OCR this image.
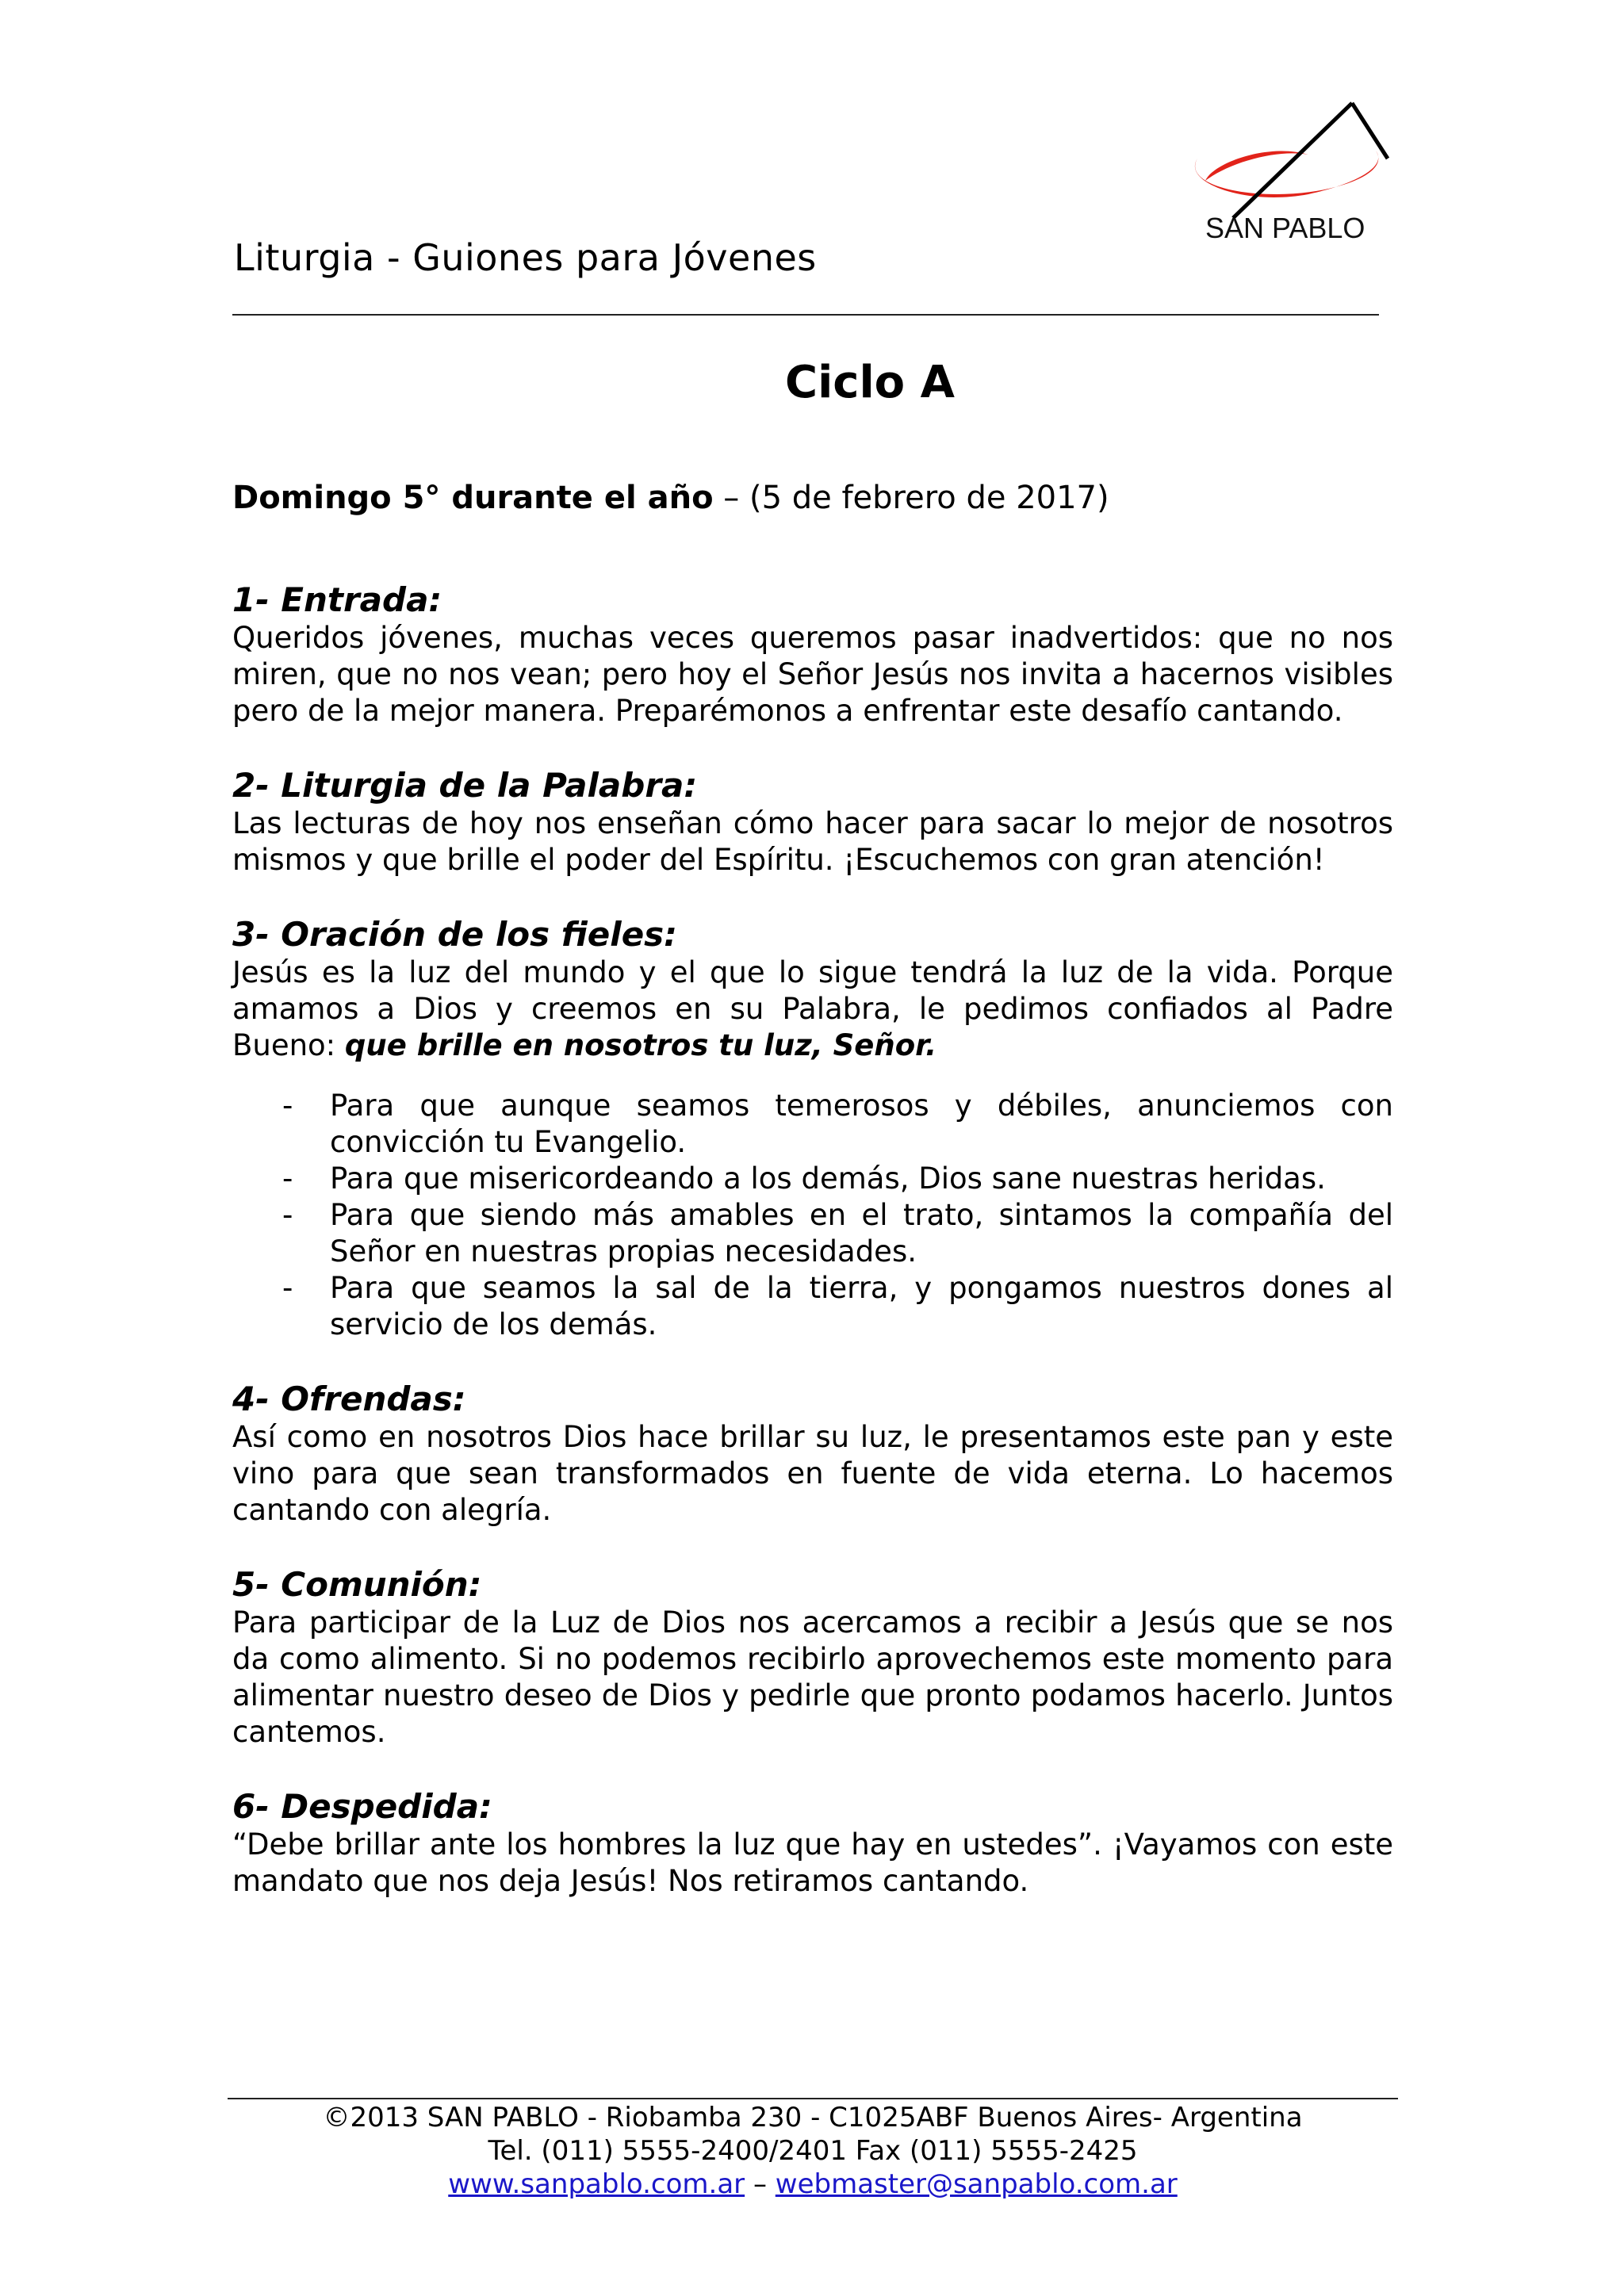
SAN PABLO
Liturgia - Guiones para Jóvenes
Ciclo A

Domingo 5° durante el año – (5 de febrero de 2017)

1- Entrada:

Queridos jóvenes, muchas veces queremos pasar inadvertidos: que no nos miren, que no nos vean; pero hoy el Señor Jesús nos invita a hacernos visibles pero de la mejor manera. Preparémonos a enfrentar este desafío cantando.

2- Liturgia de la Palabra:

Las lecturas de hoy nos enseñan cómo hacer para sacar lo mejor de nosotros mismos y que brille el poder del Espíritu. ¡Escuchemos con gran atención!

3- Oración de los fieles:

Jesús es la luz del mundo y el que lo sigue tendrá la luz de la vida. Porque amamos a Dios y creemos en su Palabra, le pedimos confiados al Padre Bueno: que brille en nosotros tu luz, Señor.

- Para que aunque seamos temerosos y débiles, anunciemos con convicción tu Evangelio.
- Para que misericordeando a los demás, Dios sane nuestras heridas.
- Para que siendo más amables en el trato, sintamos la compañía del Señor en nuestras propias necesidades.
- Para que seamos la sal de la tierra, y pongamos nuestros dones al servicio de los demás.

4- Ofrendas:

Así como en nosotros Dios hace brillar su luz, le presentamos este pan y este vino para que sean transformados en fuente de vida eterna. Lo hacemos cantando con alegría.

5- Comunión:

Para participar de la Luz de Dios nos acercamos a recibir a Jesús que se nos da como alimento. Si no podemos recibirlo aprovechemos este momento para alimentar nuestro deseo de Dios y pedirle que pronto podamos hacerlo. Juntos cantemos.

6- Despedida:

“Debe brillar ante los hombres la luz que hay en ustedes”. ¡Vayamos con este mandato que nos deja Jesús! Nos retiramos cantando.

©2013 SAN PABLO - Riobamba 230 - C1025ABF Buenos Aires- Argentina
Tel. (011) 5555-2400/2401 Fax (011) 5555-2425
www.sanpablo.com.ar – webmaster@sanpablo.com.ar
